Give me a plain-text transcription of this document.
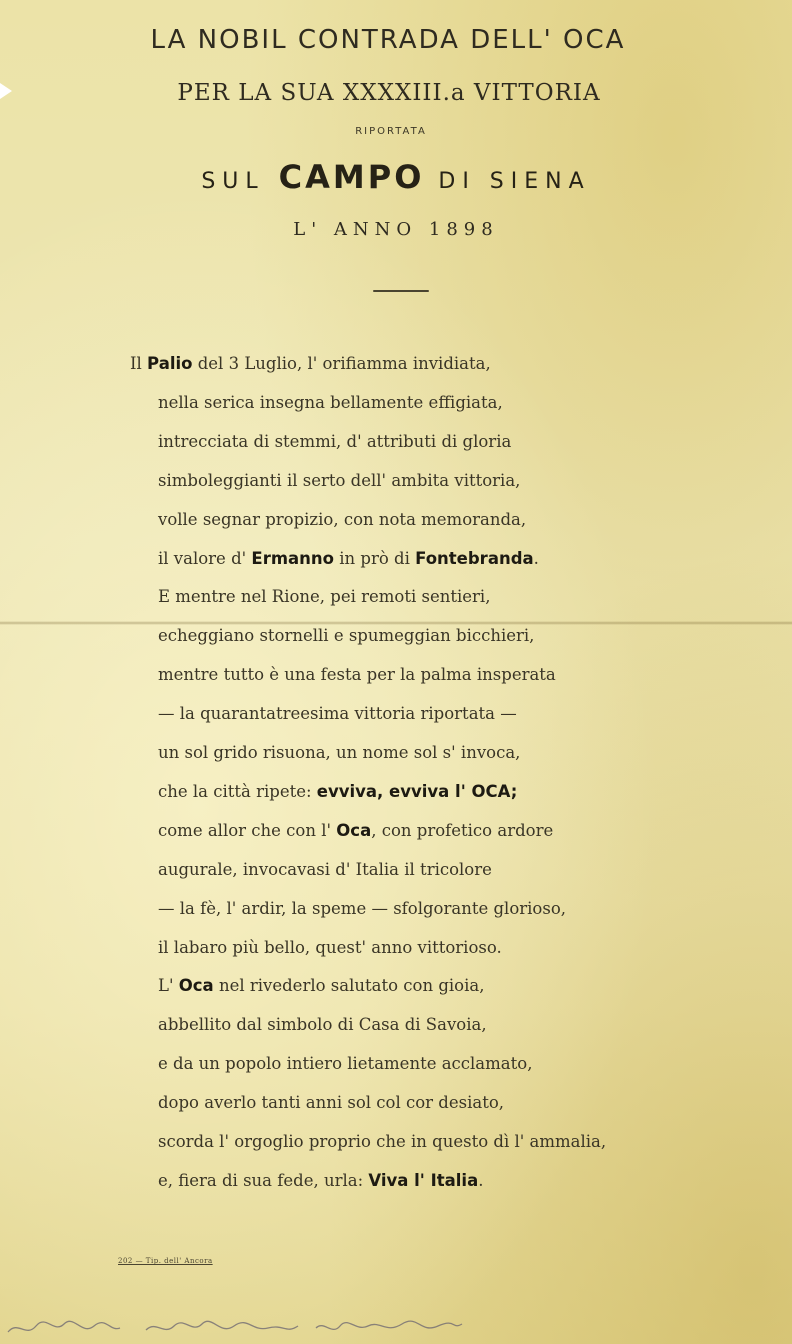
LA NOBIL CONTRADA DELL' OCA
PER LA SUA XXXXIII.a VITTORIA
RIPORTATA
SUL CAMPO DI SIENA
L' ANNO 1898
Il Palio del 3 Luglio, l' orifiamma invidiata,
nella serica insegna bellamente effigiata,
intrecciata di stemmi, d' attributi di gloria
simboleggianti il serto dell' ambita vittoria,
volle segnar propizio, con nota memoranda,
il valore d' Ermanno in prò di Fontebranda.
E mentre nel Rione, pei remoti sentieri,
echeggiano stornelli e spumeggian bicchieri,
mentre tutto è una festa per la palma insperata
— la quarantatreesima vittoria riportata —
un sol grido risuona, un nome sol s' invoca,
che la città ripete: evviva, evviva l' OCA;
come allor che con l' Oca, con profetico ardore
augurale, invocavasi d' Italia il tricolore
— la fè, l' ardir, la speme — sfolgorante glorioso,
il labaro più bello, quest' anno vittorioso.
L' Oca nel rivederlo salutato con gioia,
abbellito dal simbolo di Casa di Savoia,
e da un popolo intiero lietamente acclamato,
dopo averlo tanti anni sol col cor desiato,
scorda l' orgoglio proprio che in questo dì l' ammalia,
e, fiera di sua fede, urla: Viva l' Italia.
202 — Tip. dell' Ancora
